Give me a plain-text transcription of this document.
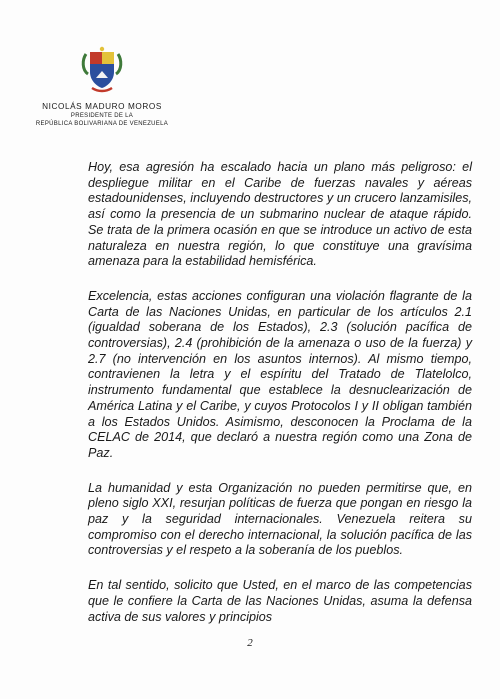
NICOLÁS MADURO MOROS
PRESIDENTE DE LA
REPÚBLICA BOLIVARIANA DE VENEZUELA

Hoy, esa agresión ha escalado hacia un plano más peligroso: el despliegue militar en el Caribe de fuerzas navales y aéreas estadounidenses, incluyendo destructores y un crucero lanzamisiles, así como la presencia de un submarino nuclear de ataque rápido. Se trata de la primera ocasión en que se introduce un activo de esta naturaleza en nuestra región, lo que constituye una gravísima amenaza para la estabilidad hemisférica.

Excelencia, estas acciones configuran una violación flagrante de la Carta de las Naciones Unidas, en particular de los artículos 2.1 (igualdad soberana de los Estados), 2.3 (solución pacífica de controversias), 2.4 (prohibición de la amenaza o uso de la fuerza) y 2.7 (no intervención en los asuntos internos). Al mismo tiempo, contravienen la letra y el espíritu del Tratado de Tlatelolco, instrumento fundamental que establece la desnuclearización de América Latina y el Caribe, y cuyos Protocolos I y II obligan también a los Estados Unidos. Asimismo, desconocen la Proclama de la CELAC de 2014, que declaró a nuestra región como una Zona de Paz.

La humanidad y esta Organización no pueden permitirse que, en pleno siglo XXI, resurjan políticas de fuerza que pongan en riesgo la paz y la seguridad internacionales. Venezuela reitera su compromiso con el derecho internacional, la solución pacífica de las controversias y el respeto a la soberanía de los pueblos.

En tal sentido, solicito que Usted, en el marco de las competencias que le confiere la Carta de las Naciones Unidas, asuma la defensa activa de sus valores y principios

2
